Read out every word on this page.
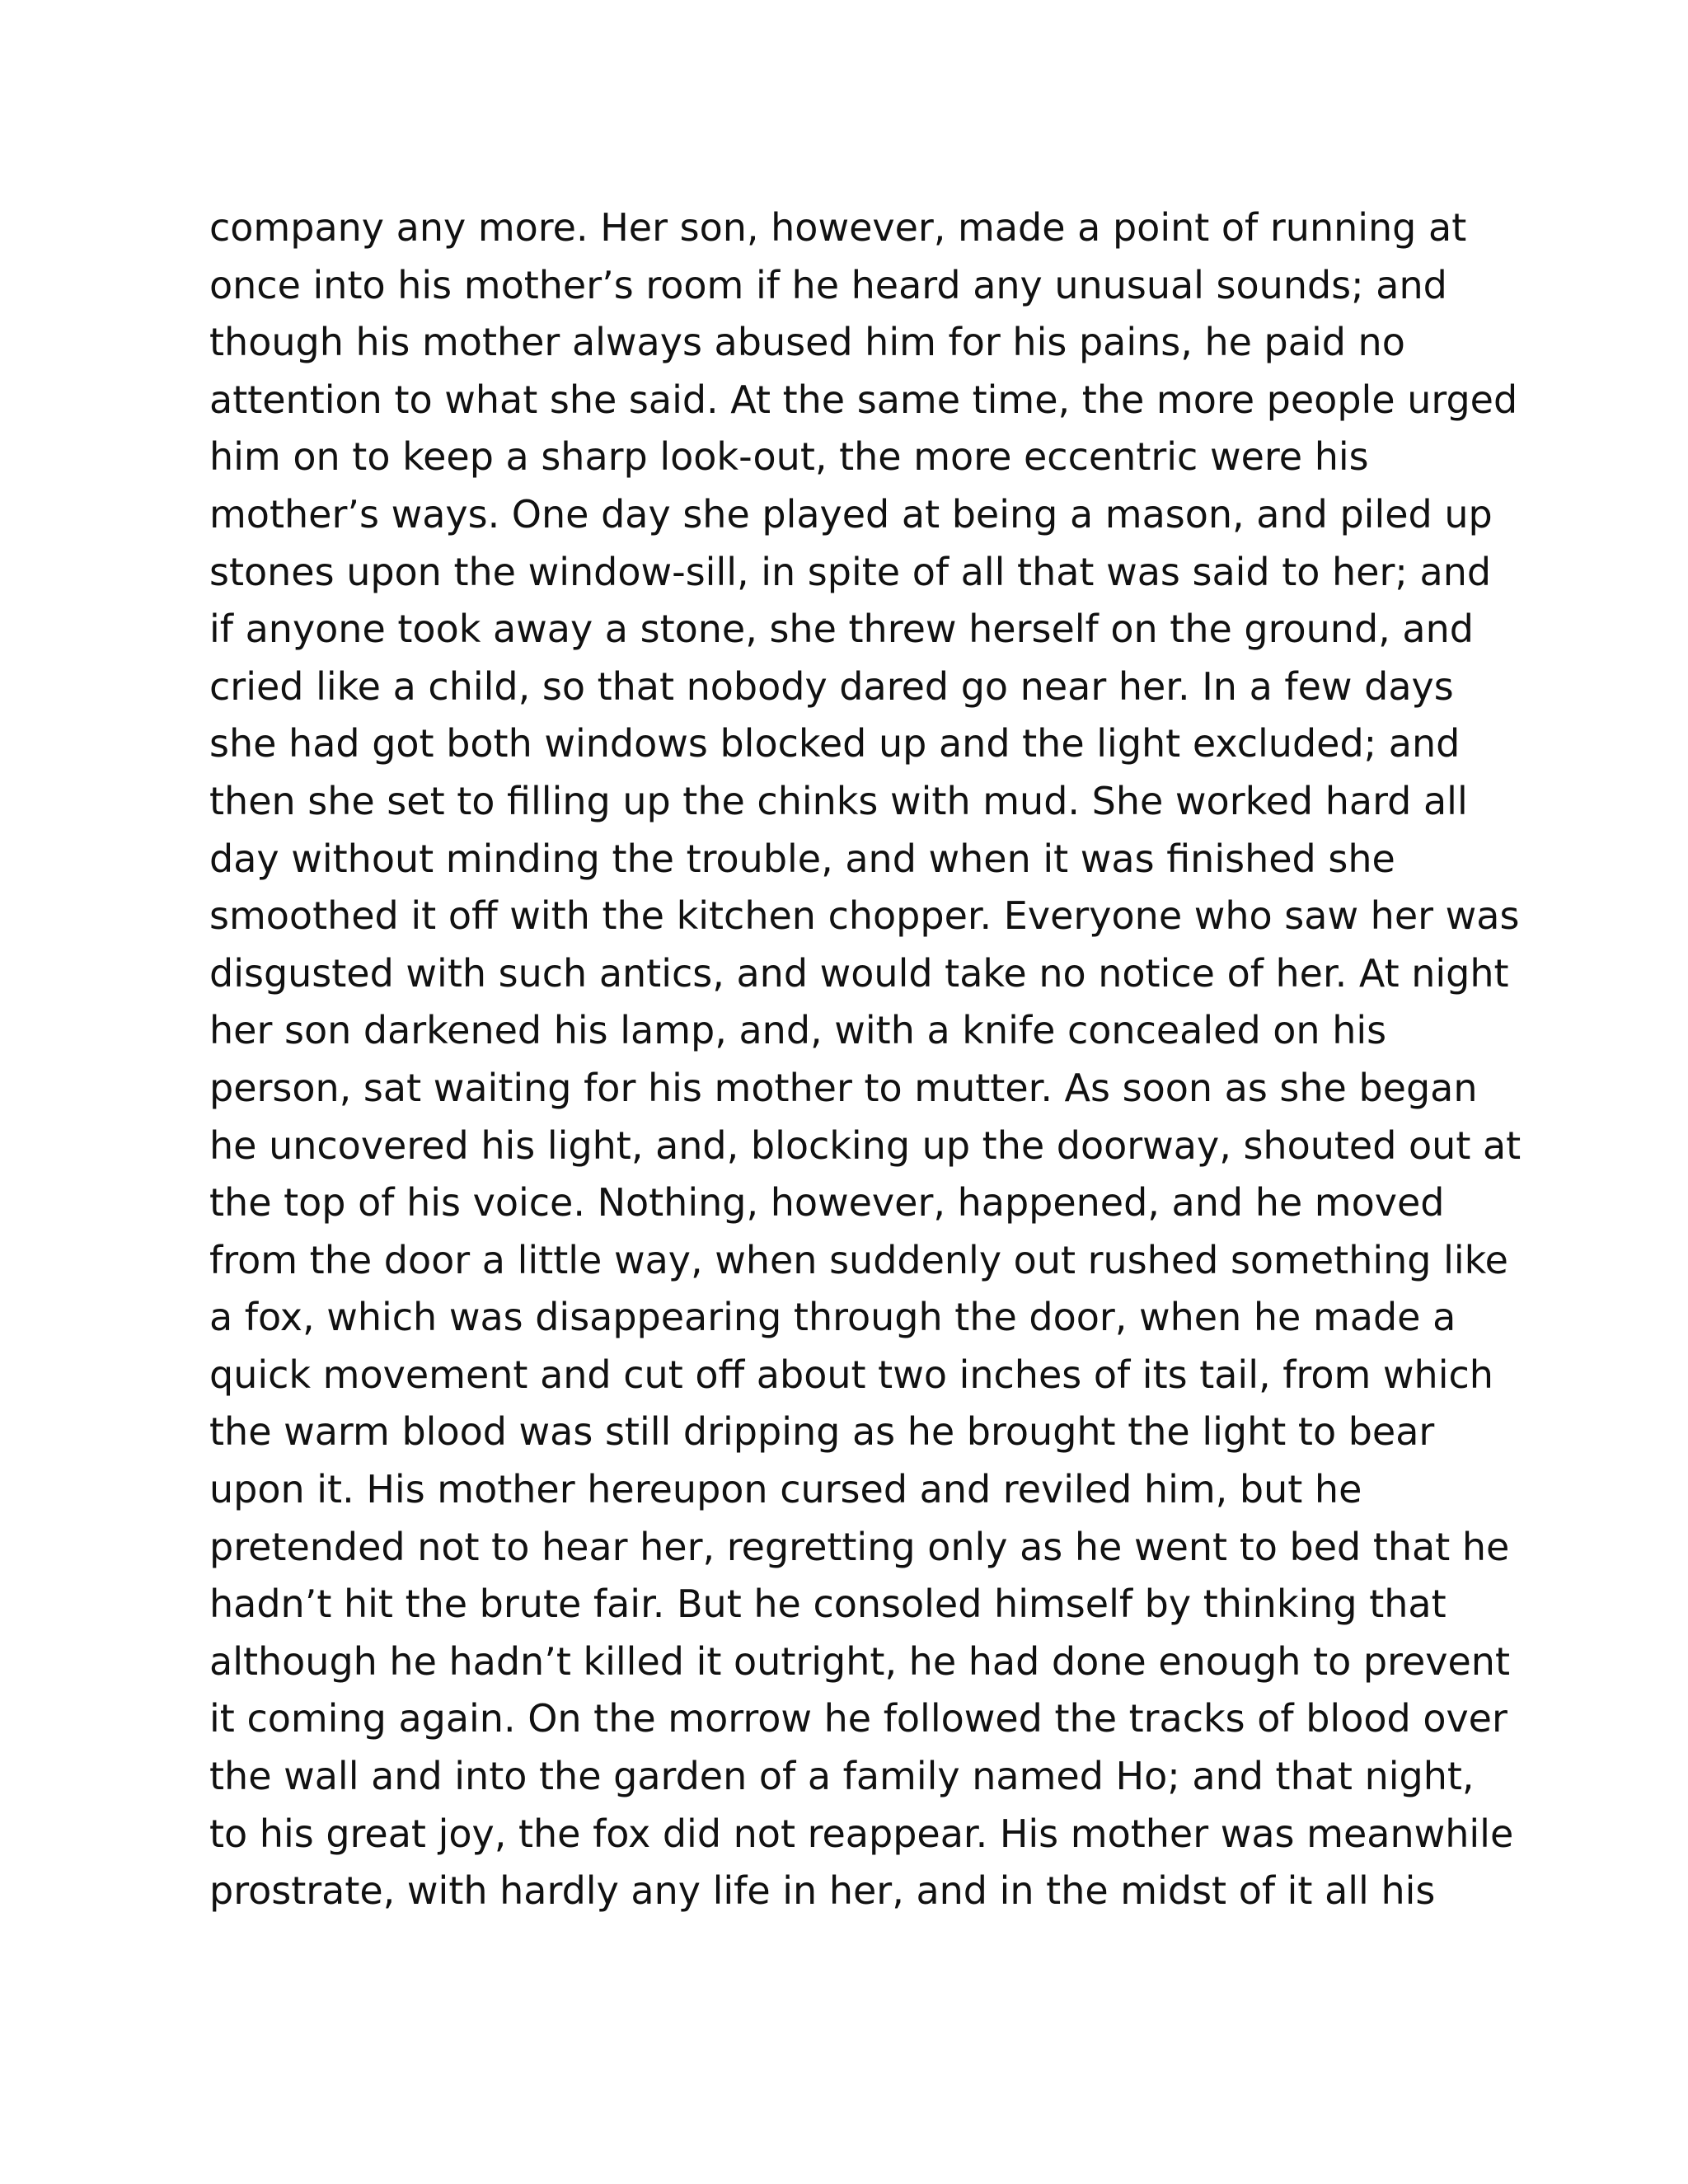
company any more. Her son, however, made a point of running at
once into his mother’s room if he heard any unusual sounds; and
though his mother always abused him for his pains, he paid no
attention to what she said. At the same time, the more people urged
him on to keep a sharp look-out, the more eccentric were his
mother’s ways. One day she played at being a mason, and piled up
stones upon the window-sill, in spite of all that was said to her; and
if anyone took away a stone, she threw herself on the ground, and
cried like a child, so that nobody dared go near her. In a few days
she had got both windows blocked up and the light excluded; and
then she set to filling up the chinks with mud. She worked hard all
day without minding the trouble, and when it was finished she
smoothed it off with the kitchen chopper. Everyone who saw her was
disgusted with such antics, and would take no notice of her. At night
her son darkened his lamp, and, with a knife concealed on his
person, sat waiting for his mother to mutter. As soon as she began
he uncovered his light, and, blocking up the doorway, shouted out at
the top of his voice. Nothing, however, happened, and he moved
from the door a little way, when suddenly out rushed something like
a fox, which was disappearing through the door, when he made a
quick movement and cut off about two inches of its tail, from which
the warm blood was still dripping as he brought the light to bear
upon it. His mother hereupon cursed and reviled him, but he
pretended not to hear her, regretting only as he went to bed that he
hadn’t hit the brute fair. But he consoled himself by thinking that
although he hadn’t killed it outright, he had done enough to prevent
it coming again. On the morrow he followed the tracks of blood over
the wall and into the garden of a family named Ho; and that night,
to his great joy, the fox did not reappear. His mother was meanwhile
prostrate, with hardly any life in her, and in the midst of it all his
